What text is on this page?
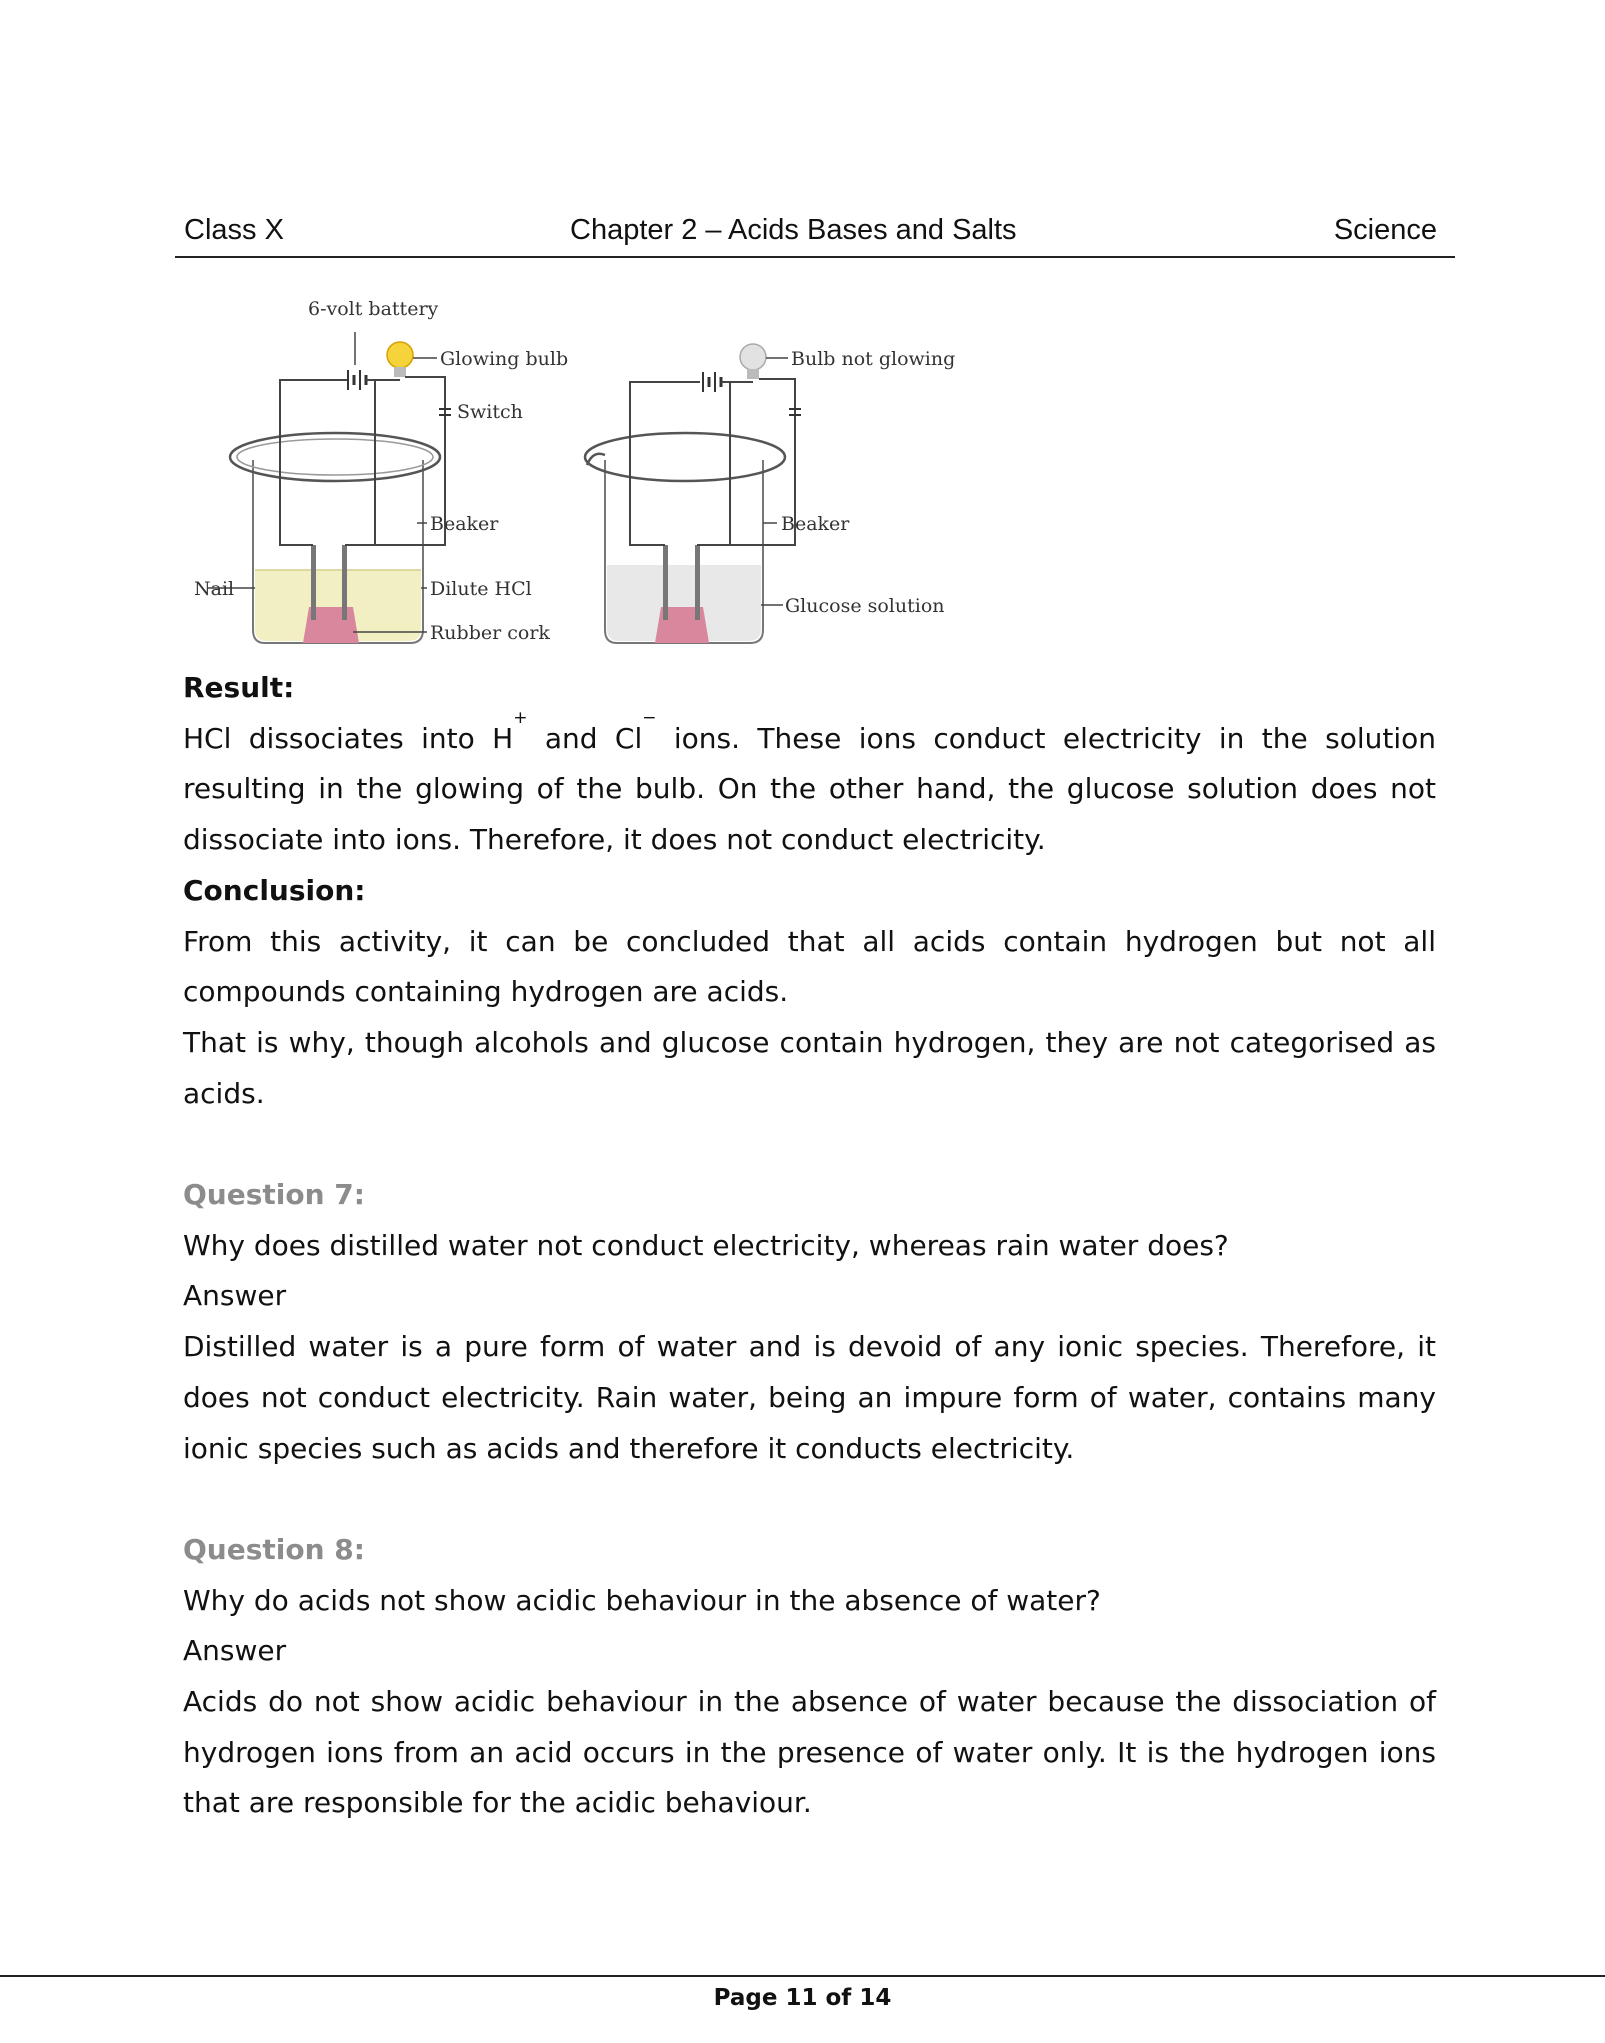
Class X	Chapter 2 – Acids Bases and Salts	Science
6-volt battery
Glowing bulb
Switch
Beaker
Nail	Dilute HCl
Rubber cork
Bulb not glowing
Beaker
Glucose solution

Result:

HCl dissociates into H+ and Cl− ions. These ions conduct electricity in the solution resulting in the glowing of the bulb. On the other hand, the glucose solution does not dissociate into ions. Therefore, it does not conduct electricity.

Conclusion:

From this activity, it can be concluded that all acids contain hydrogen but not all compounds containing hydrogen are acids.

That is why, though alcohols and glucose contain hydrogen, they are not categorised as acids.

Question 7:

Why does distilled water not conduct electricity, whereas rain water does?

Answer

Distilled water is a pure form of water and is devoid of any ionic species. Therefore, it does not conduct electricity. Rain water, being an impure form of water, contains many ionic species such as acids and therefore it conducts electricity.

Question 8:

Why do acids not show acidic behaviour in the absence of water?

Answer

Acids do not show acidic behaviour in the absence of water because the dissociation of hydrogen ions from an acid occurs in the presence of water only. It is the hydrogen ions that are responsible for the acidic behaviour.

Page 11 of 14
